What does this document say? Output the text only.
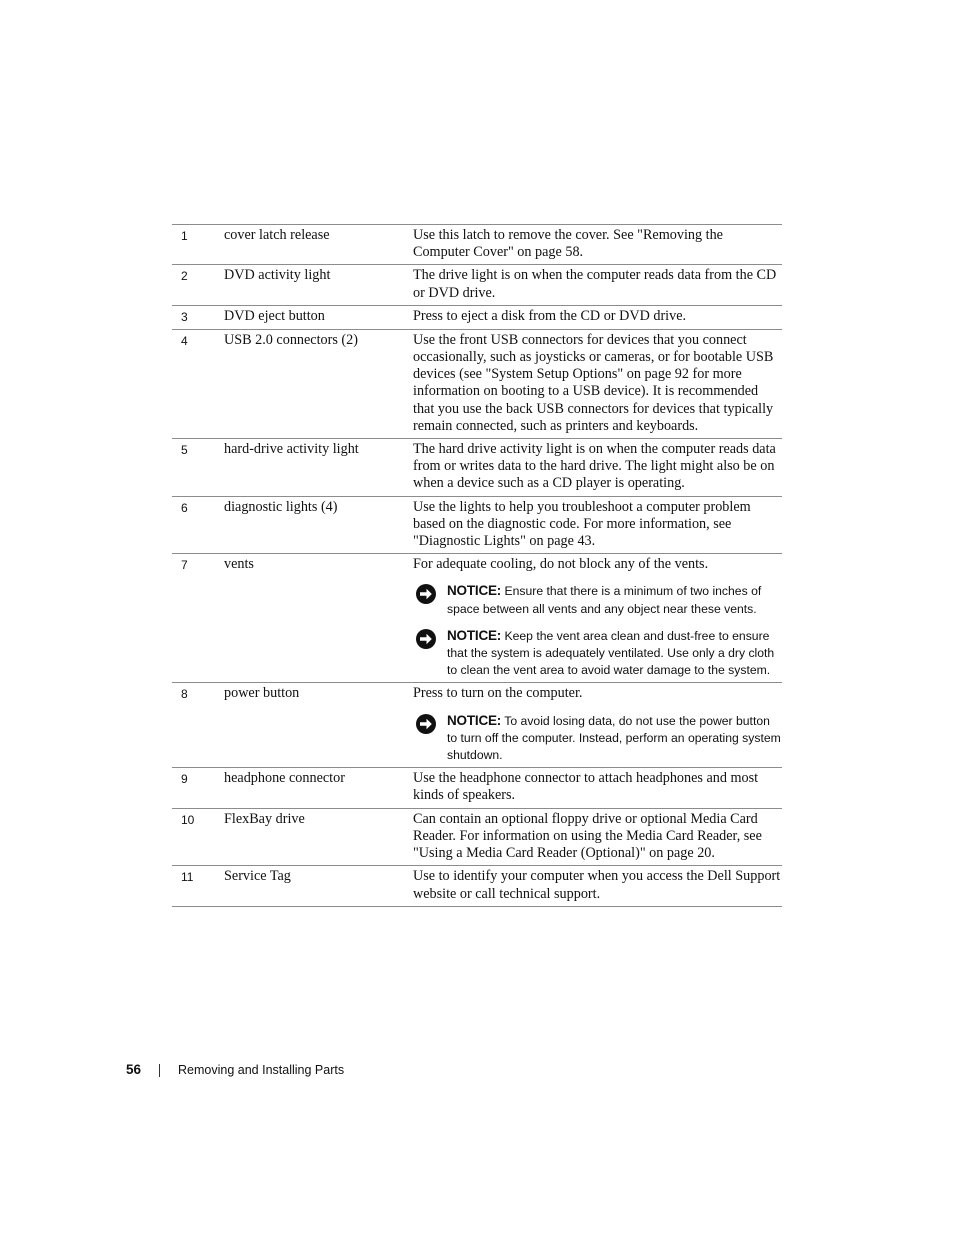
1	cover latch release	Use this latch to remove the cover. See "Removing the Computer Cover" on page 58.
2	DVD activity light	The drive light is on when the computer reads data from the CD or DVD drive.
3	DVD eject button	Press to eject a disk from the CD or DVD drive.
4	USB 2.0 connectors (2)	Use the front USB connectors for devices that you connect occasionally, such as joysticks or cameras, or for bootable USB devices (see "System Setup Options" on page 92 for more information on booting to a USB device). It is recommended that you use the back USB connectors for devices that typically remain connected, such as printers and keyboards.
5	hard-drive activity light	The hard drive activity light is on when the computer reads data from or writes data to the hard drive. The light might also be on when a device such as a CD player is operating.
6	diagnostic lights (4)	Use the lights to help you troubleshoot a computer problem based on the diagnostic code. For more information, see "Diagnostic Lights" on page 43.
7	vents	For adequate cooling, do not block any of the vents.
NOTICE: Ensure that there is a minimum of two inches of space between all vents and any object near these vents.
NOTICE: Keep the vent area clean and dust-free to ensure that the system is adequately ventilated. Use only a dry cloth to clean the vent area to avoid water damage to the system.
8	power button	Press to turn on the computer.
NOTICE: To avoid losing data, do not use the power button to turn off the computer. Instead, perform an operating system shutdown.
9	headphone connector	Use the headphone connector to attach headphones and most kinds of speakers.
10	FlexBay drive	Can contain an optional floppy drive or optional Media Card Reader. For information on using the Media Card Reader, see "Using a Media Card Reader (Optional)" on page 20.
11	Service Tag	Use to identify your computer when you access the Dell Support website or call technical support.
56	Removing and Installing Parts
